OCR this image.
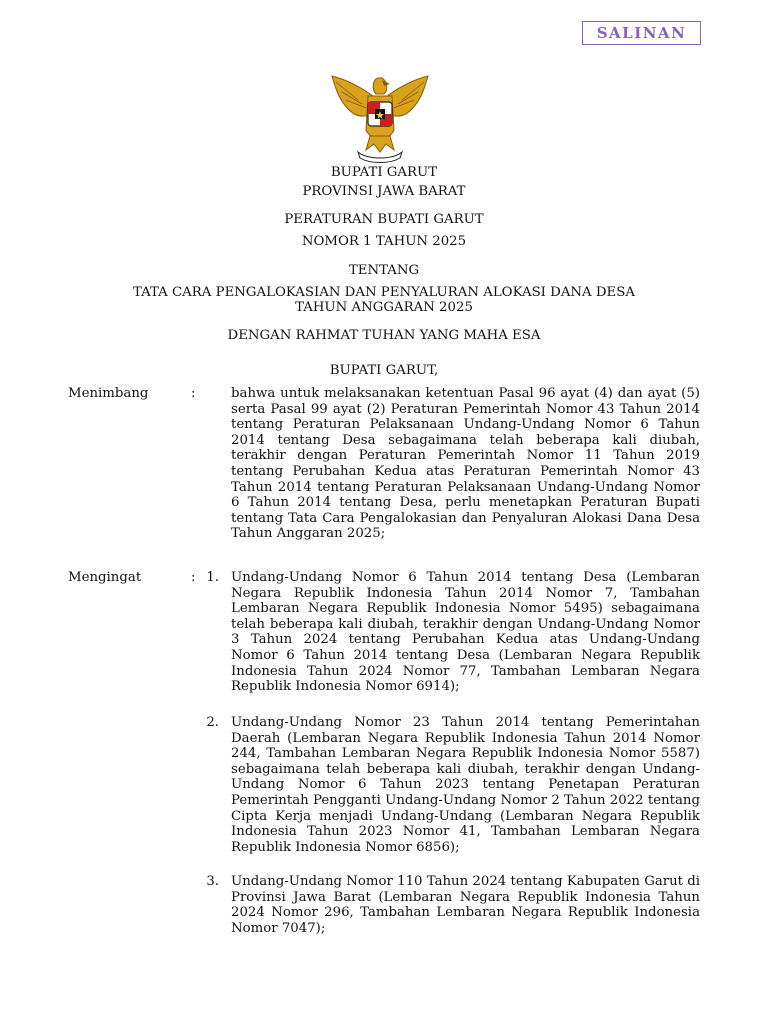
SALINAN
BUPATI GARUT
PROVINSI JAWA BARAT
PERATURAN BUPATI GARUT
NOMOR 1 TAHUN 2025
TENTANG
TATA CARA PENGALOKASIAN DAN PENYALURAN ALOKASI DANA DESA
TAHUN ANGGARAN 2025
DENGAN RAHMAT TUHAN YANG MAHA ESA
BUPATI GARUT,
Menimbang	:	bahwa untuk melaksanakan ketentuan Pasal 96 ayat (4) dan ayat (5) serta Pasal 99 ayat (2) Peraturan Pemerintah Nomor 43 Tahun 2014 tentang Peraturan Pelaksanaan Undang-Undang Nomor 6 Tahun 2014 tentang Desa sebagaimana telah beberapa kali diubah, terakhir dengan Peraturan Pemerintah Nomor 11 Tahun 2019 tentang Perubahan Kedua atas Peraturan Pemerintah Nomor 43 Tahun 2014 tentang Peraturan Pelaksanaan Undang-Undang Nomor 6 Tahun 2014 tentang Desa, perlu menetapkan Peraturan Bupati tentang Tata Cara Pengalokasian dan Penyaluran Alokasi Dana Desa Tahun Anggaran 2025;
Mengingat	: 1. Undang-Undang Nomor 6 Tahun 2014 tentang Desa (Lembaran Negara Republik Indonesia Tahun 2014 Nomor 7, Tambahan Lembaran Negara Republik Indonesia Nomor 5495) sebagaimana telah beberapa kali diubah, terakhir dengan Undang-Undang Nomor 3 Tahun 2024 tentang Perubahan Kedua atas Undang-Undang Nomor 6 Tahun 2014 tentang Desa (Lembaran Negara Republik Indonesia Tahun 2024 Nomor 77, Tambahan Lembaran Negara Republik Indonesia Nomor 6914);
2. Undang-Undang Nomor 23 Tahun 2014 tentang Pemerintahan Daerah (Lembaran Negara Republik Indonesia Tahun 2014 Nomor 244, Tambahan Lembaran Negara Republik Indonesia Nomor 5587) sebagaimana telah beberapa kali diubah, terakhir dengan Undang-Undang Nomor 6 Tahun 2023 tentang Penetapan Peraturan Pemerintah Pengganti Undang-Undang Nomor 2 Tahun 2022 tentang Cipta Kerja menjadi Undang-Undang (Lembaran Negara Republik Indonesia Tahun 2023 Nomor 41, Tambahan Lembaran Negara Republik Indonesia Nomor 6856);
3. Undang-Undang Nomor 110 Tahun 2024 tentang Kabupaten Garut di Provinsi Jawa Barat (Lembaran Negara Republik Indonesia Tahun 2024 Nomor 296, Tambahan Lembaran Negara Republik Indonesia Nomor 7047);
